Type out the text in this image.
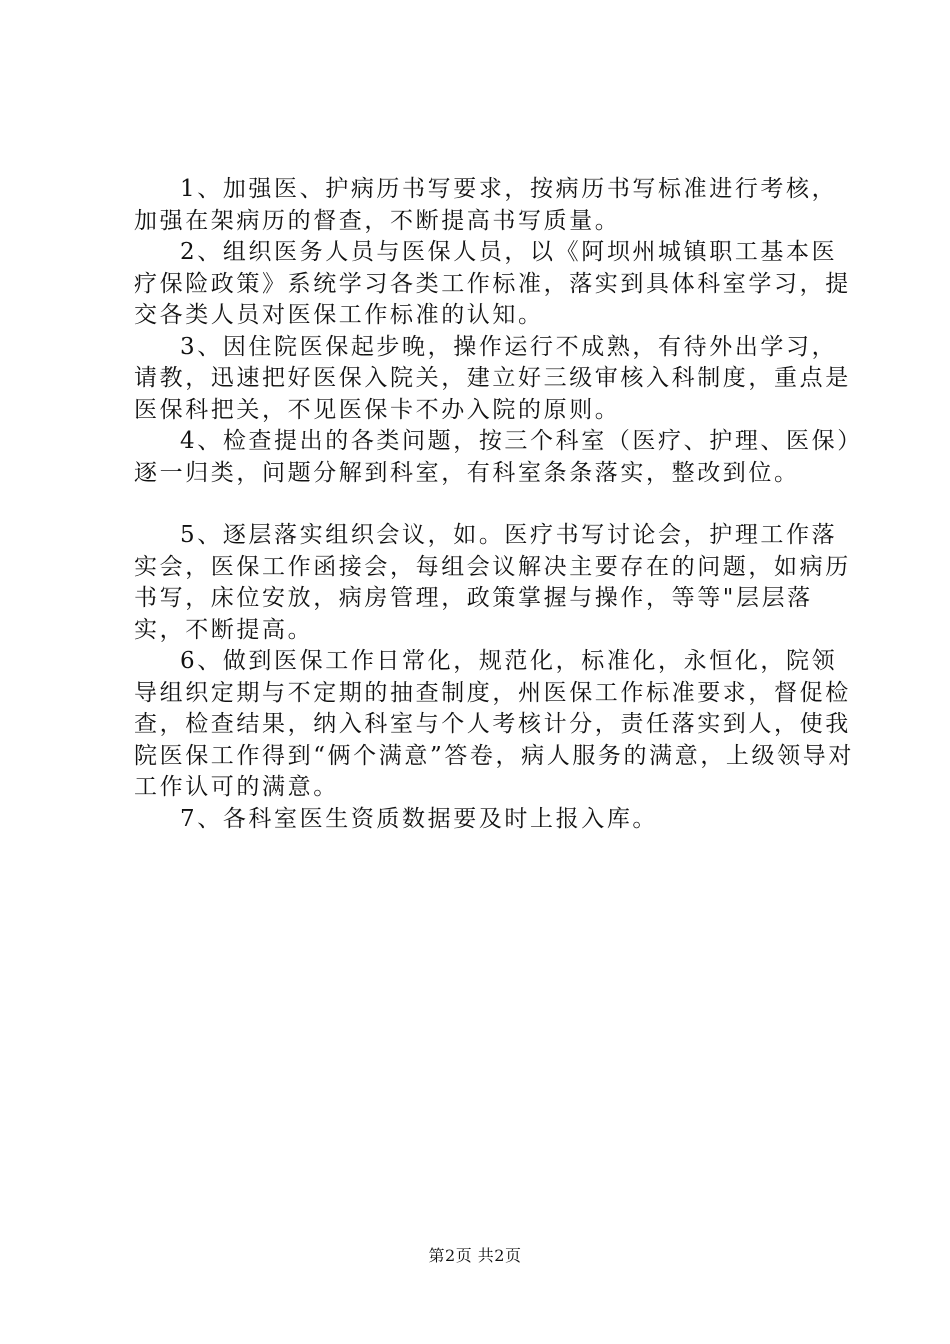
1、加强医、护病历书写要求，按病历书写标准进行考核，加强在架病历的督查，不断提高书写质量。

2、组织医务人员与医保人员，以《阿坝州城镇职工基本医疗保险政策》系统学习各类工作标准，落实到具体科室学习，提交各类人员对医保工作标准的认知。

3、因住院医保起步晚，操作运行不成熟，有待外出学习，请教，迅速把好医保入院关，建立好三级审核入科制度，重点是医保科把关，不见医保卡不办入院的原则。

4、检查提出的各类问题，按三个科室（医疗、护理、医保）逐一归类，问题分解到科室，有科室条条落实，整改到位。

5、逐层落实组织会议，如。医疗书写讨论会，护理工作落实会，医保工作函接会，每组会议解决主要存在的问题，如病历书写，床位安放，病房管理，政策掌握与操作，等等"层层落实，不断提高。

6、做到医保工作日常化，规范化，标准化，永恒化，院领导组织定期与不定期的抽查制度，州医保工作标准要求，督促检查，检查结果，纳入科室与个人考核计分，责任落实到人，使我院医保工作得到“俩个满意”答卷，病人服务的满意，上级领导对工作认可的满意。

7、各科室医生资质数据要及时上报入库。

第2页 共2页
